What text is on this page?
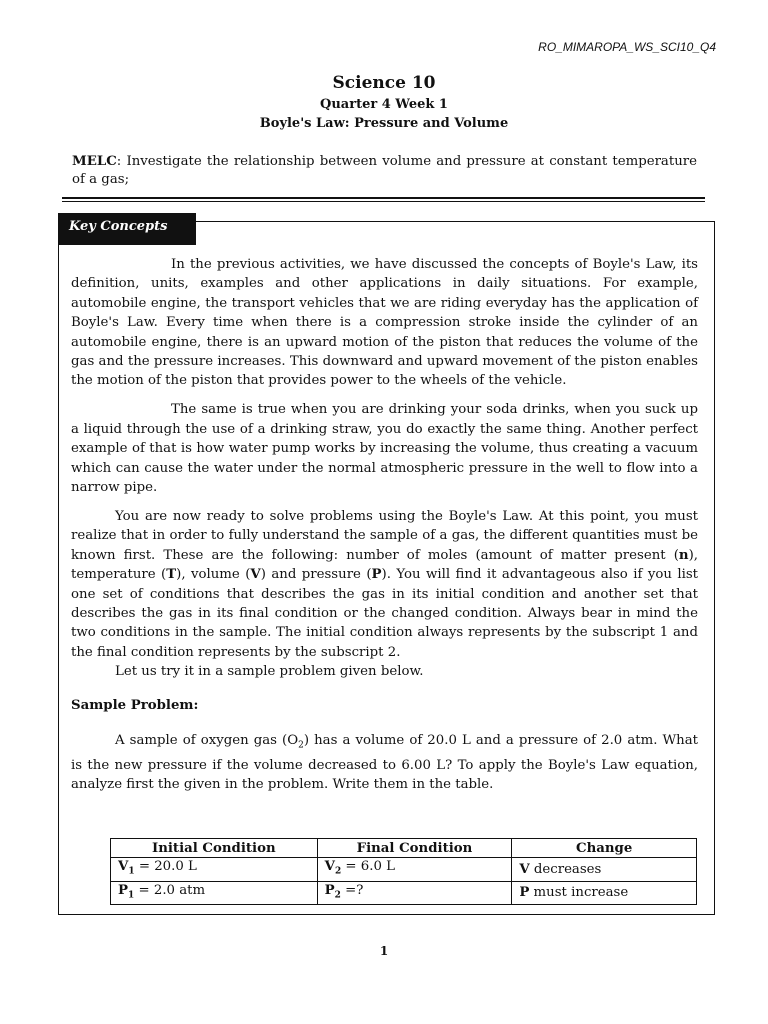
RO_MIMAROPA_WS_SCI10_Q4
Science 10
Quarter 4 Week 1
Boyle's Law: Pressure and Volume
MELC: Investigate the relationship between volume and pressure at constant temperature of a gas;
Key Concepts

In the previous activities, we have discussed the concepts of Boyle's Law, its definition, units, examples and other applications in daily situations. For example, automobile engine, the transport vehicles that we are riding everyday has the application of Boyle's Law. Every time when there is a compression stroke inside the cylinder of an automobile engine, there is an upward motion of the piston that reduces the volume of the gas and the pressure increases. This downward and upward movement of the piston enables the motion of the piston that provides power to the wheels of the vehicle.

The same is true when you are drinking your soda drinks, when you suck up a liquid through the use of a drinking straw, you do exactly the same thing. Another perfect example of that is how water pump works by increasing the volume, thus creating a vacuum which can cause the water under the normal atmospheric pressure in the well to flow into a narrow pipe.

You are now ready to solve problems using the Boyle's Law. At this point, you must realize that in order to fully understand the sample of a gas, the different quantities must be known first. These are the following: number of moles (amount of matter present (n), temperature (T), volume (V) and pressure (P). You will find it advantageous also if you list one set of conditions that describes the gas in its initial condition and another set that describes the gas in its final condition or the changed condition. Always bear in mind the two conditions in the sample. The initial condition always represents by the subscript 1 and the final condition represents by the subscript 2.

Let us try it in a sample problem given below.

Sample Problem:

A sample of oxygen gas $(O_2)$ has a volume of 20.0 L and a pressure of 2.0 atm. What is the new pressure if the volume decreased to 6.00 L? To apply the Boyle's Law equation, analyze first the given in the problem. Write them in the table.

Initial Condition	Final Condition	Change
$V_1 = 20.0$ L	$V_2 = 6.0$ L	V decreases
$P_1 = 2.0$ atm	$P_2$ =?	P must increase
1
